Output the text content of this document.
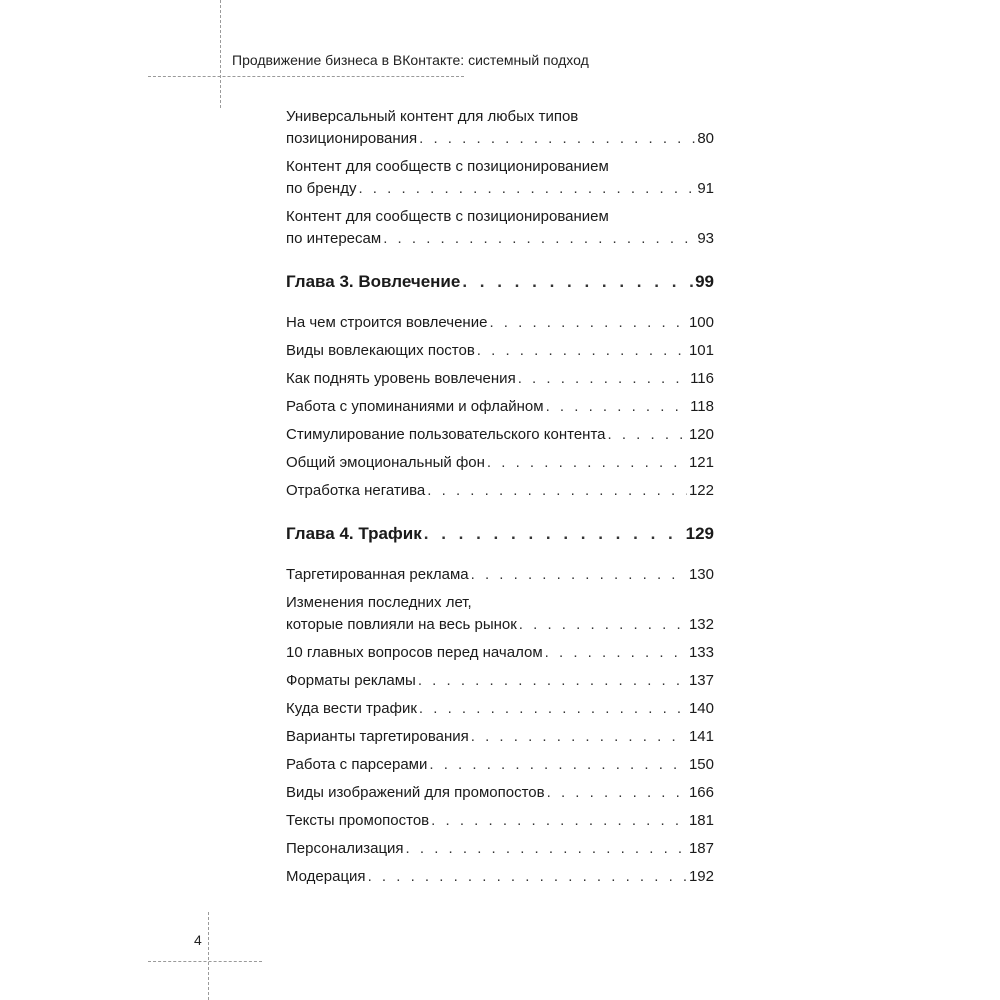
Продвижение бизнеса в ВКонтакте: системный подход
Универсальный контент для любых типов
позиционирования . . .	80
Контент для сообществ с позиционированием
по бренду . . .	91
Контент для сообществ с позиционированием
по интересам . . .	93
Глава 3. Вовлечение . . .	99
На чем строится вовлечение . . .	100
Виды вовлекающих постов . . .	101
Как поднять уровень вовлечения . . .	116
Работа с упоминаниями и офлайном . . .	118
Стимулирование пользовательского контента . . .	120
Общий эмоциональный фон . . .	121
Отработка негатива . . .	122
Глава 4. Трафик . . .	129
Таргетированная реклама . . .	130
Изменения последних лет,
которые повлияли на весь рынок . . .	132
10 главных вопросов перед началом . . .	133
Форматы рекламы . . .	137
Куда вести трафик . . .	140
Варианты таргетирования . . .	141
Работа с парсерами . . .	150
Виды изображений для промопостов . . .	166
Тексты промопостов . . .	181
Персонализация . . .	187
Модерация . . .	192
4
